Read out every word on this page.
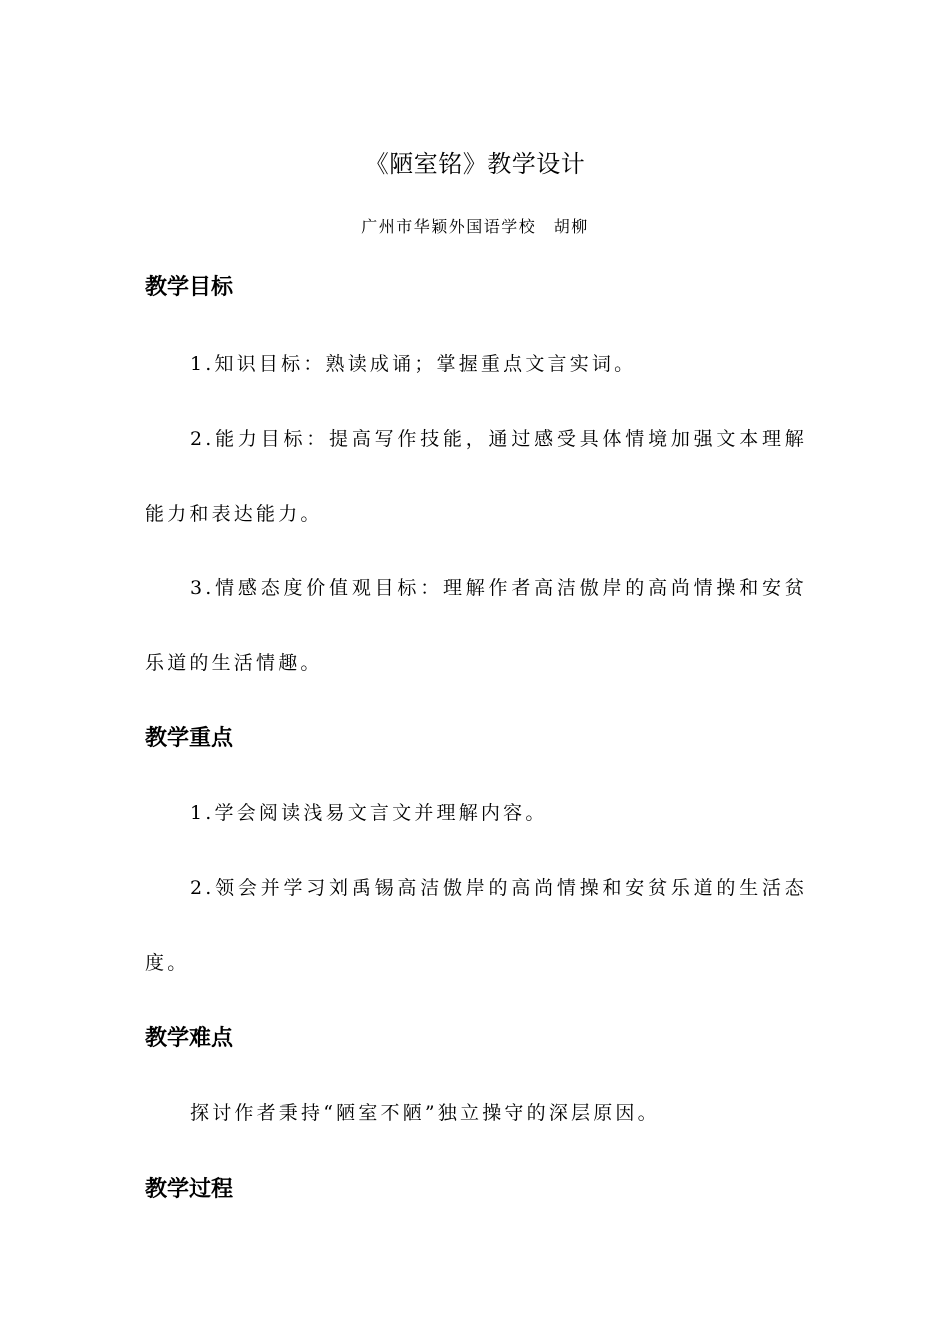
《陋室铭》教学设计
广州市华颖外国语学校　胡柳
教学目标

1.知识目标：熟读成诵；掌握重点文言实词。

2.能力目标：提高写作技能，通过感受具体情境加强文本理解能力和表达能力。

3.情感态度价值观目标：理解作者高洁傲岸的高尚情操和安贫乐道的生活情趣。

教学重点

1.学会阅读浅易文言文并理解内容。

2.领会并学习刘禹锡高洁傲岸的高尚情操和安贫乐道的生活态度。

教学难点

探讨作者秉持“陋室不陋”独立操守的深层原因。

教学过程
